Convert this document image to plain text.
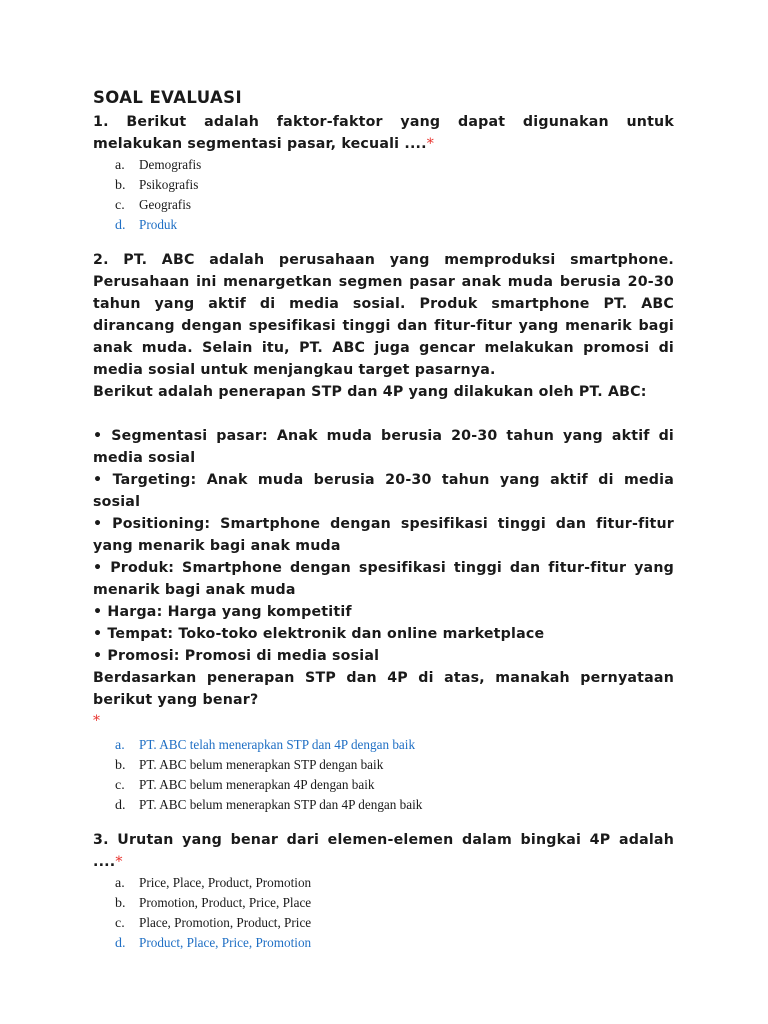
SOAL EVALUASI

1. Berikut adalah faktor-faktor yang dapat digunakan untuk melakukan segmentasi pasar, kecuali ....*

a.	Demografis
b.	Psikografis
c.	Geografis
d.	Produk

2. PT. ABC adalah perusahaan yang memproduksi smartphone. Perusahaan ini menargetkan segmen pasar anak muda berusia 20-30 tahun yang aktif di media sosial. Produk smartphone PT. ABC dirancang dengan spesifikasi tinggi dan fitur-fitur yang menarik bagi anak muda. Selain itu, PT. ABC juga gencar melakukan promosi di media sosial untuk menjangkau target pasarnya.

Berikut adalah penerapan STP dan 4P yang dilakukan oleh PT. ABC:

• Segmentasi pasar: Anak muda berusia 20-30 tahun yang aktif di media sosial

• Targeting: Anak muda berusia 20-30 tahun yang aktif di media sosial

• Positioning: Smartphone dengan spesifikasi tinggi dan fitur-fitur yang menarik bagi anak muda

• Produk: Smartphone dengan spesifikasi tinggi dan fitur-fitur yang menarik bagi anak muda

• Harga: Harga yang kompetitif

• Tempat: Toko-toko elektronik dan online marketplace

• Promosi: Promosi di media sosial

Berdasarkan penerapan STP dan 4P di atas, manakah pernyataan berikut yang benar?

*

a.	PT. ABC telah menerapkan STP dan 4P dengan baik
b.	PT. ABC belum menerapkan STP dengan baik
c.	PT. ABC belum menerapkan 4P dengan baik
d.	PT. ABC belum menerapkan STP dan 4P dengan baik

3. Urutan yang benar dari elemen-elemen dalam bingkai 4P adalah ....*

a.	Price, Place, Product, Promotion
b.	Promotion, Product, Price, Place
c.	Place, Promotion, Product, Price
d.	Product, Place, Price, Promotion
